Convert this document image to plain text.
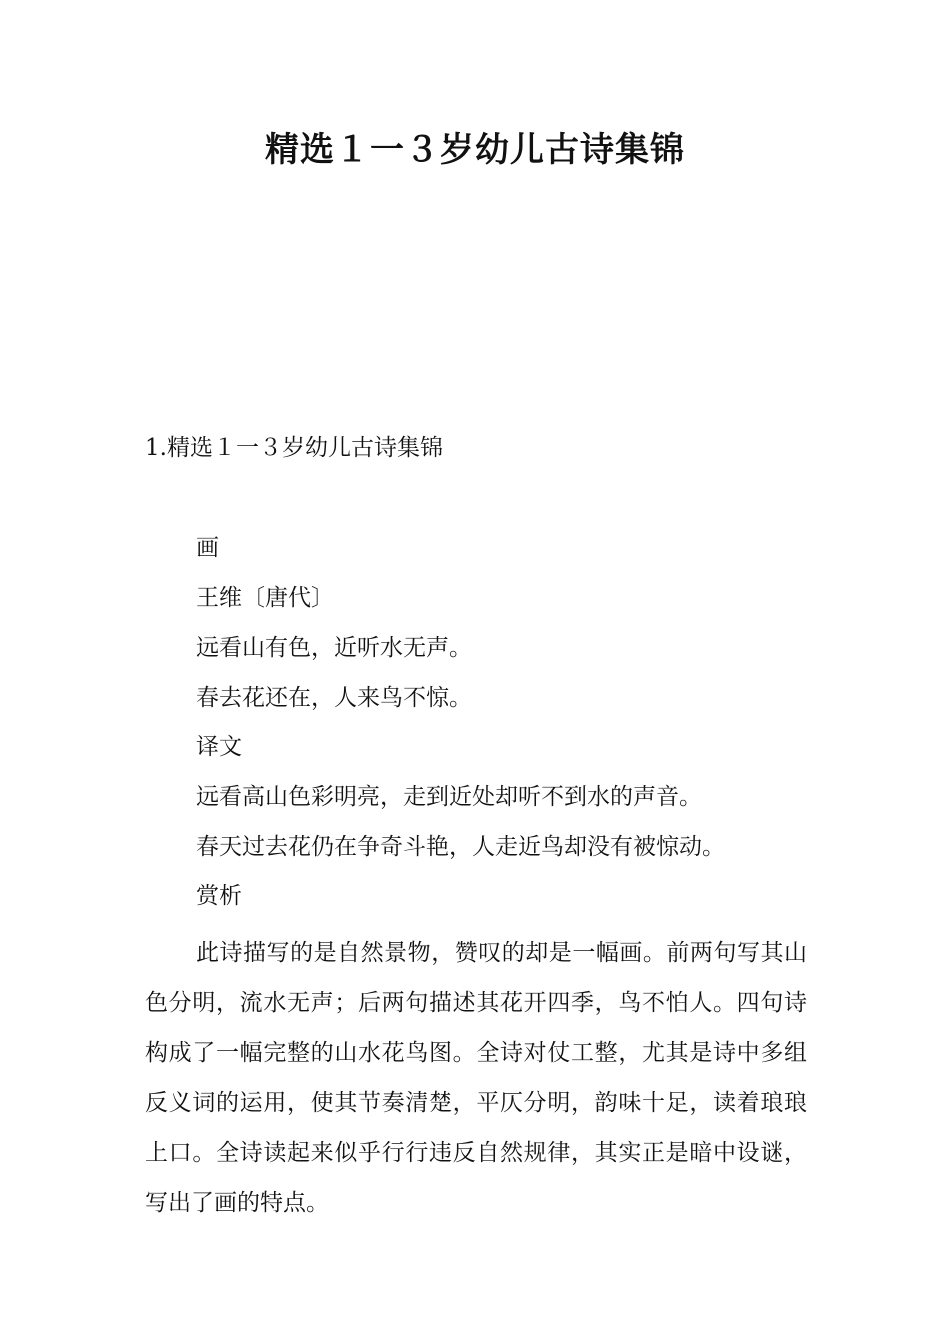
精选１一３岁幼儿古诗集锦

1.精选１一３岁幼儿古诗集锦

画

王维〔唐代〕

远看山有色，近听水无声。

春去花还在，人来鸟不惊。

译文

远看高山色彩明亮，走到近处却听不到水的声音。

春天过去花仍在争奇斗艳，人走近鸟却没有被惊动。

赏析

此诗描写的是自然景物，赞叹的却是一幅画。前两句写其山色分明，流水无声；后两句描述其花开四季，鸟不怕人。四句诗构成了一幅完整的山水花鸟图。全诗对仗工整，尤其是诗中多组反义词的运用，使其节奏清楚，平仄分明，韵味十足，读着琅琅上口。全诗读起来似乎行行违反自然规律，其实正是暗中设谜，写出了画的特点。
